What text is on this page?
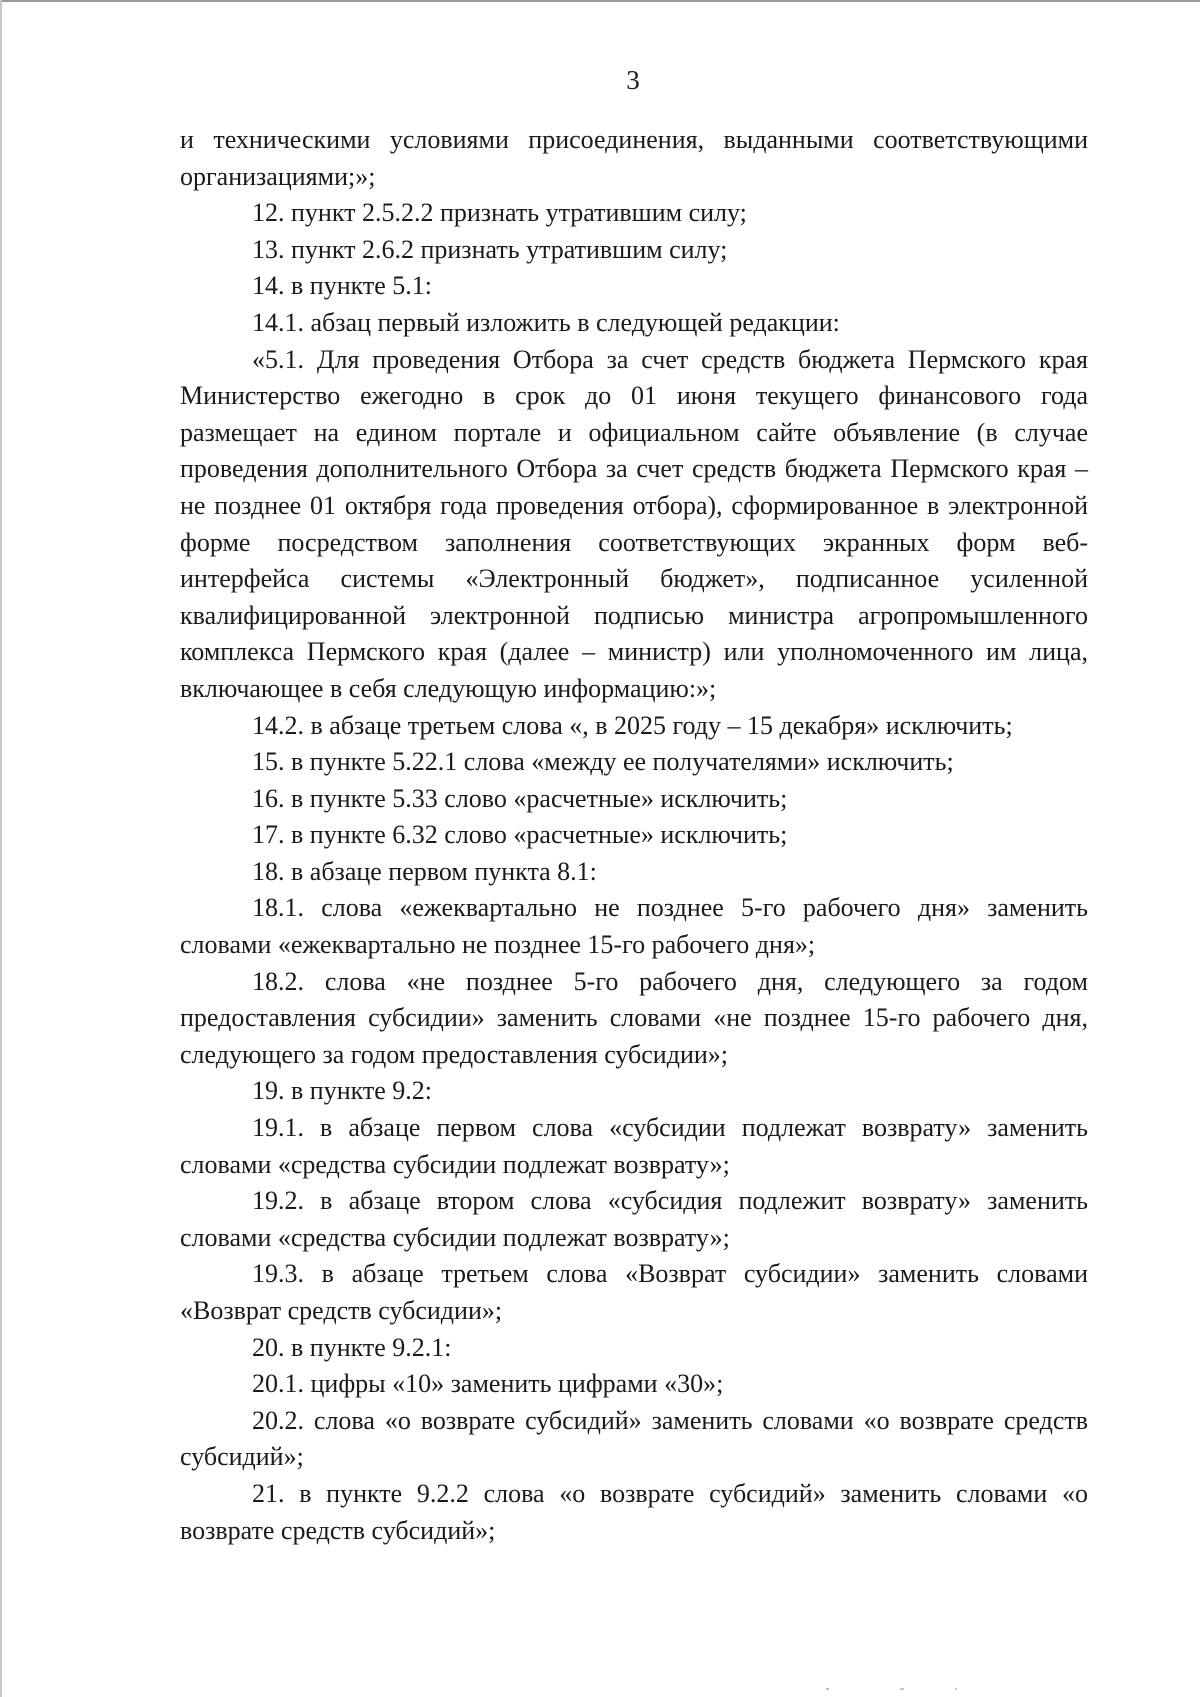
3

и техническими условиями присоединения, выданными соответствующими организациями;»;

12. пункт 2.5.2.2 признать утратившим силу;

13. пункт 2.6.2 признать утратившим силу;

14. в пункте 5.1:

14.1. абзац первый изложить в следующей редакции:

«5.1. Для проведения Отбора за счет средств бюджета Пермского края Министерство ежегодно в срок до 01 июня текущего финансового года размещает на едином портале и официальном сайте объявление (в случае проведения дополнительного Отбора за счет средств бюджета Пермского края – не позднее 01 октября года проведения отбора), сформированное в электронной форме посредством заполнения соответствующих экранных форм веб-интерфейса системы «Электронный бюджет», подписанное усиленной квалифицированной электронной подписью министра агропромышленного комплекса Пермского края (далее – министр) или уполномоченного им лица, включающее в себя следующую информацию:»;

14.2. в абзаце третьем слова «, в 2025 году – 15 декабря» исключить;

15. в пункте 5.22.1 слова «между ее получателями» исключить;

16. в пункте 5.33 слово «расчетные» исключить;

17. в пункте 6.32 слово «расчетные» исключить;

18. в абзаце первом пункта 8.1:

18.1. слова «ежеквартально не позднее 5-го рабочего дня» заменить словами «ежеквартально не позднее 15-го рабочего дня»;

18.2. слова «не позднее 5-го рабочего дня, следующего за годом предоставления субсидии» заменить словами «не позднее 15-го рабочего дня, следующего за годом предоставления субсидии»;

19. в пункте 9.2:

19.1. в абзаце первом слова «субсидии подлежат возврату» заменить словами «средства субсидии подлежат возврату»;

19.2. в абзаце втором слова «субсидия подлежит возврату» заменить словами «средства субсидии подлежат возврату»;

19.3. в абзаце третьем слова «Возврат субсидии» заменить словами «Возврат средств субсидии»;

20. в пункте 9.2.1:

20.1. цифры «10» заменить цифрами «30»;

20.2. слова «о возврате субсидий» заменить словами «о возврате средств субсидий»;

21. в пункте 9.2.2 слова «о возврате субсидий» заменить словами «о возврате средств субсидий»;
